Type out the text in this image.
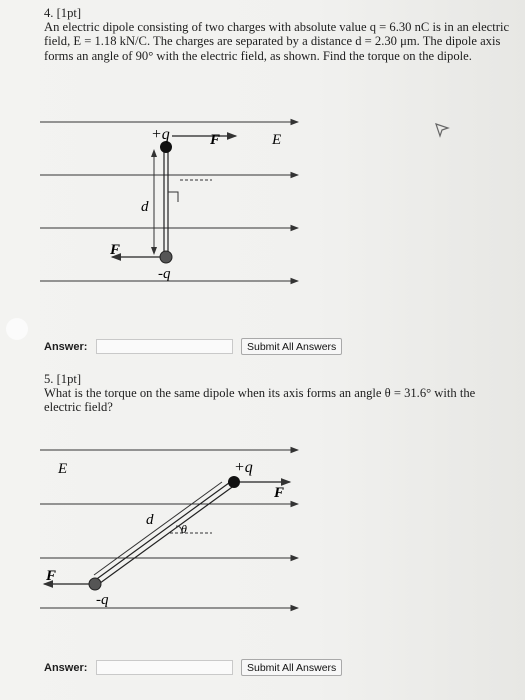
4. [1pt]
An electric dipole consisting of two charges with absolute value q = 6.30 nC is in an electric field, E = 1.18 kN/C. The charges are separated by a distance d = 2.30 μm. The dipole axis forms an angle of 90° with the electric field, as shown. Find the torque on the dipole.
+q	F	E
d
F
-q
Answer:	Submit All Answers
5. [1pt]
What is the torque on the same dipole when its axis forms an angle θ = 31.6° with the electric field?
E	+q
F
d
θ
F
-q
Answer:	Submit All Answers
